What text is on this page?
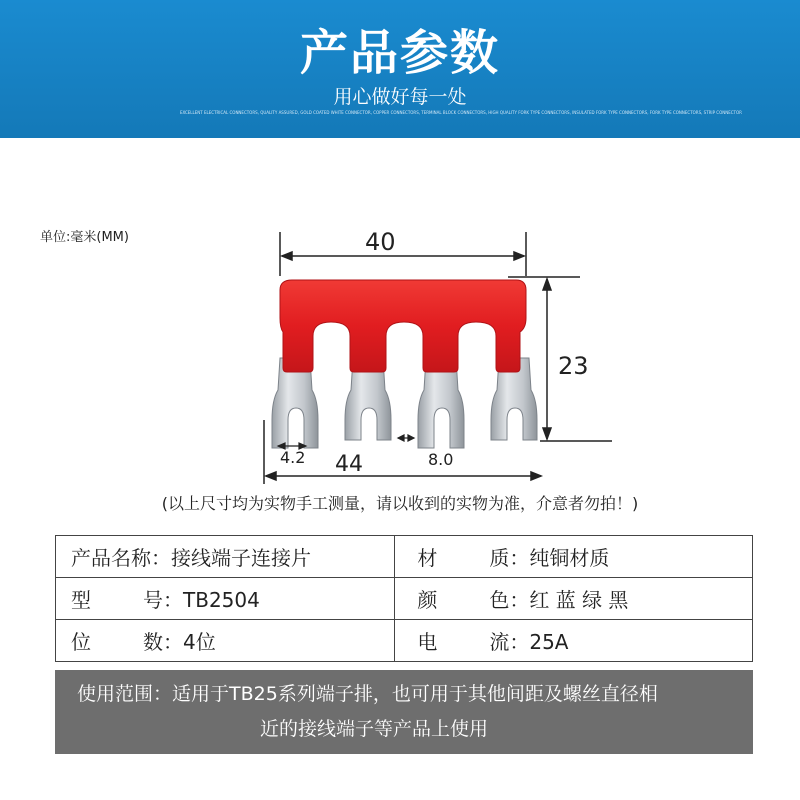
产品参数
用心做好每一处
EXCELLENT ELECTRICAL CONNECTORS, QUALITY ASSURED, GOLD COATED WHITE CONNECTOR, COPPER CONNECTORS, TERMINAL BLOCK CONNECTORS, HIGH QUALITY FORK TYPE CONNECTORS, INSULATED FORK TYPE CONNECTORS, FORK TYPE CONNECTORS, STRIP CONNECTOR
单位:毫米(MM)	40
23
4.2	8.0
44
(以上尺寸均为实物手工测量，请以收到的实物为准，介意者勿拍！)
产品名称：接线端子连接片	材 质：纯铜材质
型 号：TB2504	颜 色：红 蓝 绿 黑
位 数：4位	电 流：25A
使用范围：适用于TB25系列端子排，也可用于其他间距及螺丝直径相
近的接线端子等产品上使用
